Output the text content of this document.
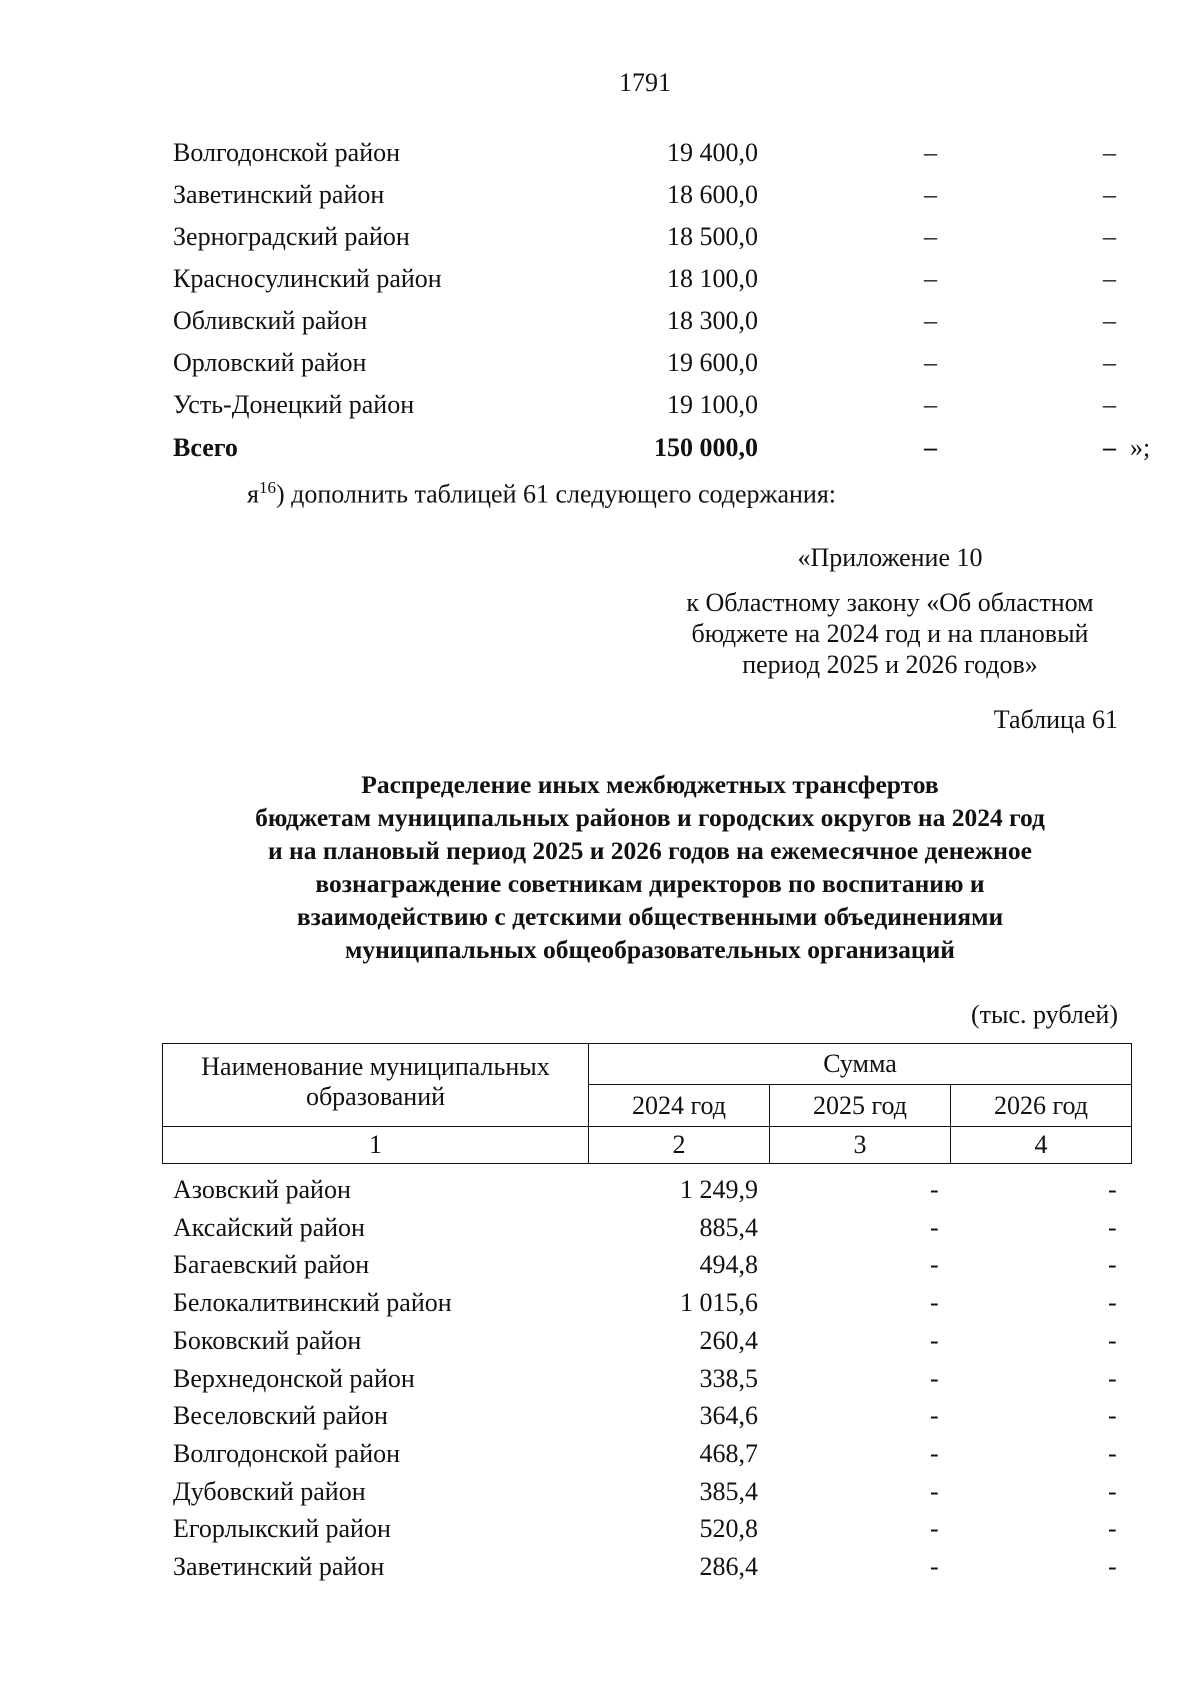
1791
Волгодонской район	19 400,0	–	–
Заветинский район	18 600,0	–	–
Зерноградский район	18 500,0	–	–
Красносулинский район	18 100,0	–	–
Обливский район	18 300,0	–	–
Орловский район	19 600,0	–	–
Усть-Донецкий район	19 100,0	–	–
Всего	150 000,0	–	– »;
$я^{16}$) дополнить таблицей 61 следующего содержания:
«Приложение 10
к Областному закону «Об областном
бюджете на 2024 год и на плановый
период 2025 и 2026 годов»
Таблица 61
Распределение иных межбюджетных трансфертов
бюджетам муниципальных районов и городских округов на 2024 год
и на плановый период 2025 и 2026 годов на ежемесячное денежное
вознаграждение советникам директоров по воспитанию и
взаимодействию с детскими общественными объединениями
муниципальных общеобразовательных организаций
(тыс. рублей)
Наименование муниципальных
образований	Сумма		
	2024 год	2025 год	2026 год
1	2	3	4
Азовский район	1 249,9	-	-
Аксайский район	885,4	-	-
Багаевский район	494,8	-	-
Белокалитвинский район	1 015,6	-	-
Боковский район	260,4	-	-
Верхнедонской район	338,5	-	-
Веселовский район	364,6	-	-
Волгодонской район	468,7	-	-
Дубовский район	385,4	-	-
Егорлыкский район	520,8	-	-
Заветинский район	286,4	-	-
